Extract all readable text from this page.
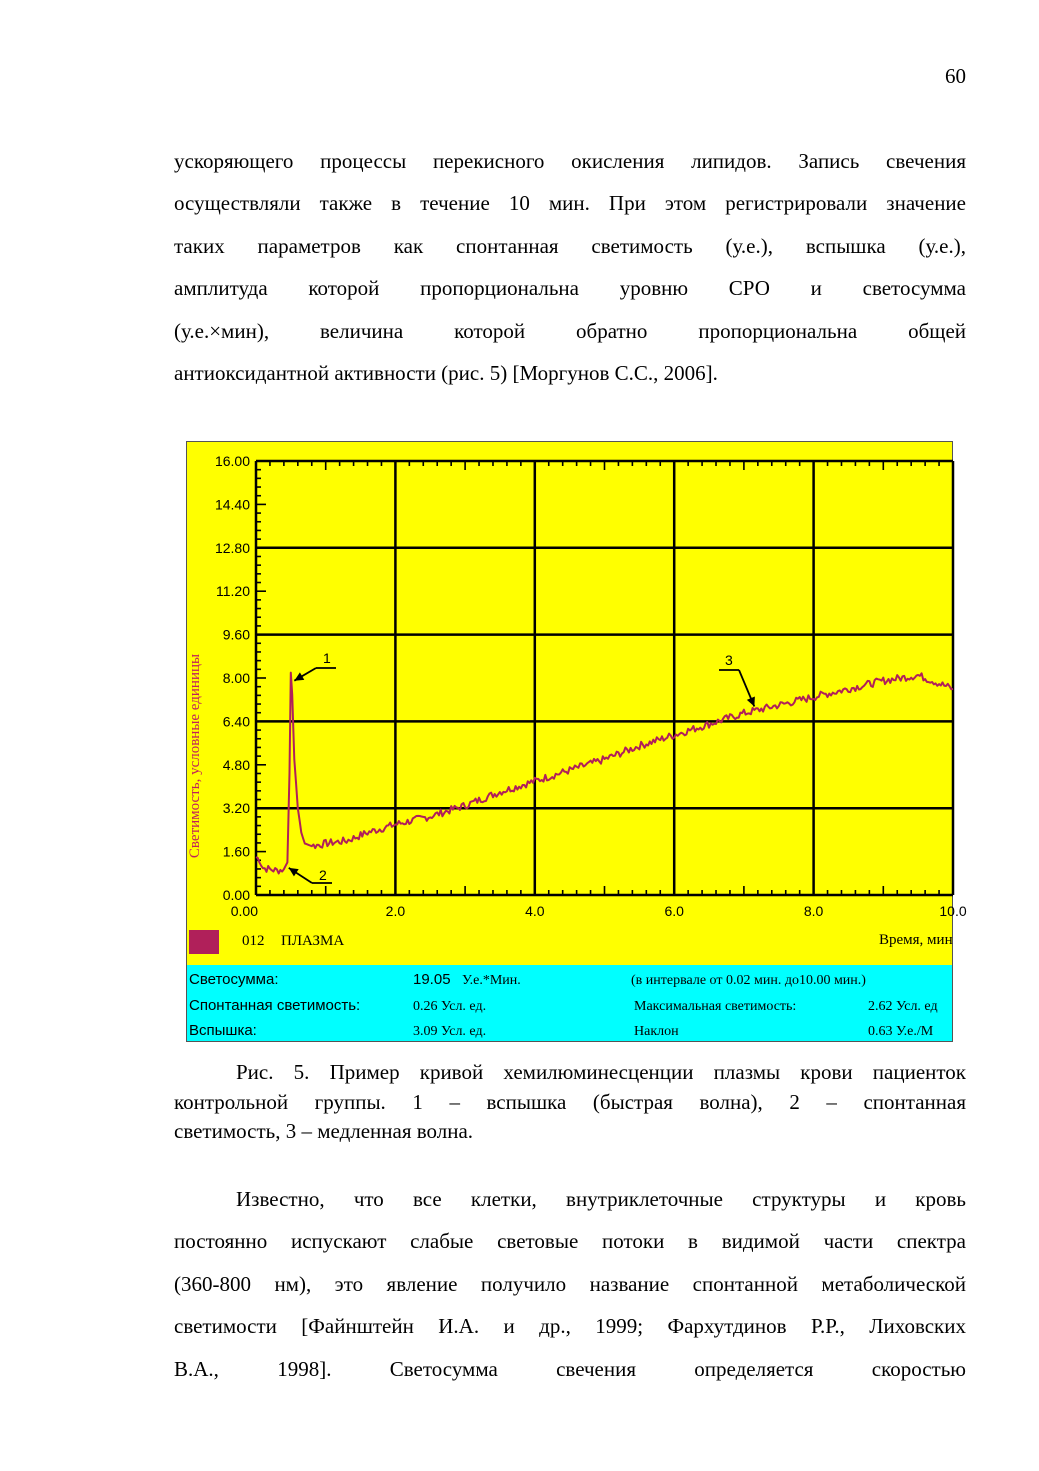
60
ускоряющего процессы перекисного окисления липидов. Запись свечения
осуществляли также в течение 10 мин. При этом регистрировали значение
таких параметров как спонтанная светимость (у.е.), вспышка (у.е.),
амплитуда которой пропорциональна уровню СРО и светосумма
(у.е.×мин), величина которой обратно пропорциональна общей
антиоксидантной активности (рис. 5) [Моргунов С.С., 2006].
0.00
1.60
3.20
4.80
6.40
8.00
9.60
11.20
12.80
14.40
16.00
0.00	2.0	4.0	6.0	8.0	10.0
1
2
3
Светимость, условные единицы
Время, мин
012 ПЛАЗМА
Светосумма:	19.05 У.е.*Мин.	(в интервале от 0.02 мин. до10.00 мин.)
Спонтанная светимость:	0.26 Усл. ед.	Максимальная светимость:	2.62 Усл. ед
Вспышка:	3.09 Усл. ед.	Наклон	0.63 У.е./М
Рис. 5. Пример кривой хемилюминесценции плазмы крови пациенток
контрольной группы. 1 – вспышка (быстрая волна), 2 – спонтанная
светимость, 3 – медленная волна.
Известно, что все клетки, внутриклеточные структуры и кровь
постоянно испускают слабые световые потоки в видимой части спектра
(360-800 нм), это явление получило название спонтанной метаболической
светимости [Файнштейн И.А. и др., 1999; Фархутдинов Р.Р., Лиховских
В.А., 1998]. Светосумма свечения определяется скоростью
